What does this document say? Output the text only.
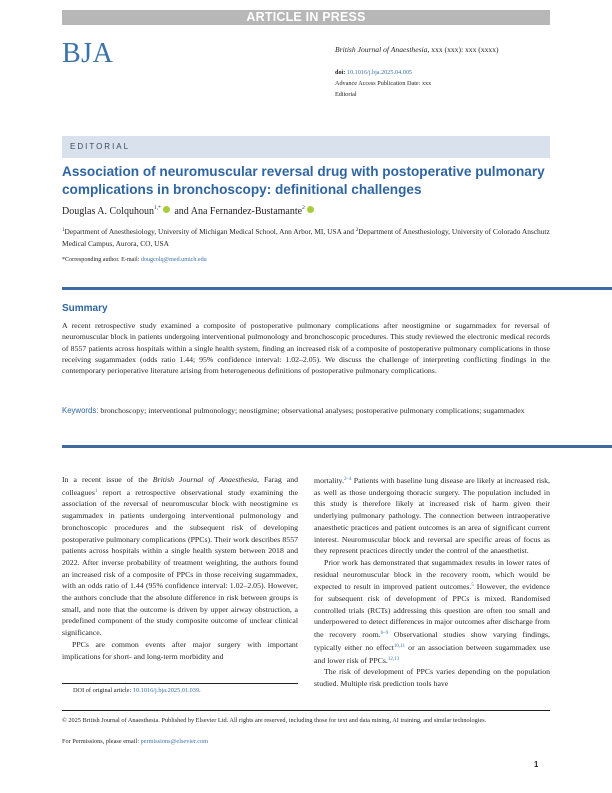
ARTICLE IN PRESS
BJA	British Journal of Anaesthesia, xxx (xxx): xxx (xxxx)
doi: 10.1016/j.bja.2025.04.005
Advance Access Publication Date: xxx
Editorial
EDITORIAL
Association of neuromuscular reversal drug with postoperative pulmonary complications in bronchoscopy: definitional challenges
Douglas A. Colquhoun$^{1,*}$ and Ana Fernandez-Bustamante$^2$
$^1$Department of Anesthesiology, University of Michigan Medical School, Ann Arbor, MI, USA and $^2$Department of Anesthesiology, University of Colorado Anschutz Medical Campus, Aurora, CO, USA
*Corresponding author. E-mail: dougcolq@med.umich.edu
Summary
A recent retrospective study examined a composite of postoperative pulmonary complications after neostigmine or sugammadex for reversal of neuromuscular block in patients undergoing interventional pulmonology and bronchoscopic procedures. This study reviewed the electronic medical records of 8557 patients across hospitals within a single health system, finding an increased risk of a composite of postoperative pulmonary complications in those receiving sugammadex (odds ratio 1.44; 95% confidence interval: 1.02–2.05). We discuss the challenge of interpreting conflicting findings in the contemporary perioperative literature arising from heterogeneous definitions of postoperative pulmonary complications.
Keywords: bronchoscopy; interventional pulmonology; neostigmine; observational analyses; postoperative pulmonary complications; sugammadex

In a recent issue of the British Journal of Anaesthesia, Farag and colleagues$^1$ report a retrospective observational study examining the association of the reversal of neuromuscular block with neostigmine vs sugammadex in patients undergoing interventional pulmonology and bronchoscopic procedures and the subsequent risk of developing postoperative pulmonary complications (PPCs). Their work describes 8557 patients across hospitals within a single health system between 2018 and 2022. After inverse probability of treatment weighting, the authors found an increased risk of a composite of PPCs in those receiving sugammadex, with an odds ratio of 1.44 (95% confidence interval: 1.02–2.05). However, the authors conclude that the absolute difference in risk between groups is small, and note that the outcome is driven by upper airway obstruction, a predefined component of the study composite outcome of unclear clinical significance.

PPCs are common events after major surgery with important implications for short- and long-term morbidity and

mortality.$^{2-4}$ Patients with baseline lung disease are likely at increased risk, as well as those undergoing thoracic surgery. The population included in this study is therefore likely at increased risk of harm given their underlying pulmonary pathology. The connection between intraoperative anaesthetic practices and patient outcomes is an area of significant current interest. Neuromuscular block and reversal are specific areas of focus as they represent practices directly under the control of the anaesthetist.

Prior work has demonstrated that sugammadex results in lower rates of residual neuromuscular block in the recovery room, which would be expected to result in improved patient outcomes.$^5$ However, the evidence for subsequent risk of development of PPCs is mixed. Randomised controlled trials (RCTs) addressing this question are often too small and underpowered to detect differences in major outcomes after discharge from the recovery room.$^{6-9}$ Observational studies show varying findings, typically either no effect$^{10,11}$ or an association between sugammadex use and lower risk of PPCs.$^{12,13}$

The risk of development of PPCs varies depending on the population studied. Multiple risk prediction tools have

DOI of original article: 10.1016/j.bja.2025.01.039.
© 2025 British Journal of Anaesthesia. Published by Elsevier Ltd. All rights are reserved, including those for text and data mining, AI training, and similar technologies.
For Permissions, please email: permissions@elsevier.com
1
